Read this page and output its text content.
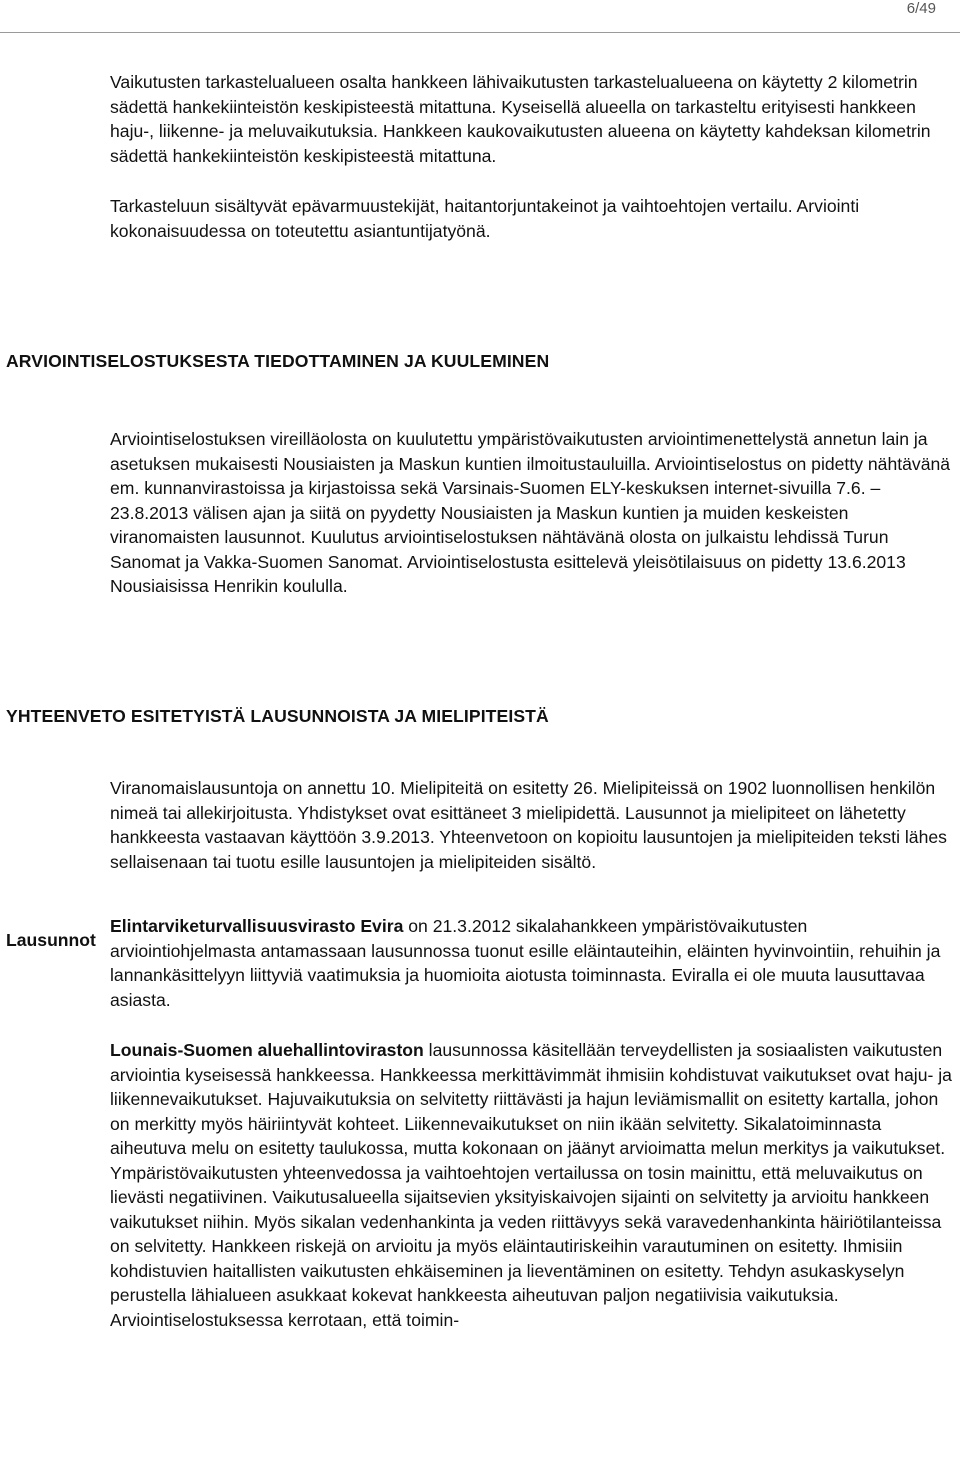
6/49

Vaikutusten tarkastelualueen osalta hankkeen lähivaikutusten tarkastelualueena on käytetty 2 kilometrin sädettä hankekiinteistön keskipisteestä mitattuna. Kyseisellä alueella on tarkasteltu erityisesti hankkeen haju-, liikenne- ja meluvaikutuksia. Hankkeen kaukovaikutusten alueena on käytetty kahdeksan kilometrin sädettä hankekiinteistön keskipisteestä mitattuna.

Tarkasteluun sisältyvät epävarmuustekijät, haitantorjuntakeinot ja vaihtoehtojen vertailu. Arviointi kokonaisuudessa on toteutettu asiantuntijatyönä.

ARVIOINTISELOSTUKSESTA TIEDOTTAMINEN JA KUULEMINEN

Arviointiselostuksen vireilläolosta on kuulutettu ympäristövaikutusten arviointimenettelystä annetun lain ja asetuksen mukaisesti Nousiaisten ja Maskun kuntien ilmoitustauluilla. Arviointiselostus on pidetty nähtävänä em. kunnanvirastoissa ja kirjastoissa sekä Varsinais-Suomen ELY-keskuksen internet-sivuilla 7.6. – 23.8.2013 välisen ajan ja siitä on pyydetty Nousiaisten ja Maskun kuntien ja muiden keskeisten viranomaisten lausunnot. Kuulutus arviointiselostuksen nähtävänä olosta on julkaistu lehdissä Turun Sanomat ja Vakka-Suomen Sanomat. Arviointiselostusta esittelevä yleisötilaisuus on pidetty 13.6.2013 Nousiaisissa Henrikin koululla.

YHTEENVETO ESITETYISTÄ LAUSUNNOISTA JA MIELIPITEISTÄ
Lausunnot

Viranomaislausuntoja on annettu 10. Mielipiteitä on esitetty 26. Mielipiteissä on 1902 luonnollisen henkilön nimeä tai allekirjoitusta. Yhdistykset ovat esittäneet 3 mielipidettä. Lausunnot ja mielipiteet on lähetetty hankkeesta vastaavan käyttöön 3.9.2013. Yhteenvetoon on kopioitu lausuntojen ja mielipiteiden teksti lähes sellaisenaan tai tuotu esille lausuntojen ja mielipiteiden sisältö.

Elintarviketurvallisuusvirasto Evira on 21.3.2012 sikalahankkeen ympäristövaikutusten arviointiohjelmasta antamassaan lausunnossa tuonut esille eläintauteihin, eläinten hyvinvointiin, rehuihin ja lannankäsittelyyn liittyviä vaatimuksia ja huomioita aiotusta toiminnasta. Eviralla ei ole muuta lausuttavaa asiasta.

Lounais-Suomen aluehallintoviraston lausunnossa käsitellään terveydellisten ja sosiaalisten vaikutusten arviointia kyseisessä hankkeessa. Hankkeessa merkittävimmät ihmisiin kohdistuvat vaikutukset ovat haju- ja liikennevaikutukset. Hajuvaikutuksia on selvitetty riittävästi ja hajun leviämismallit on esitetty kartalla, johon on merkitty myös häiriintyvät kohteet. Liikennevaikutukset on niin ikään selvitetty. Sikalatoiminnasta aiheutuva melu on esitetty taulukossa, mutta kokonaan on jäänyt arvioimatta melun merkitys ja vaikutukset. Ympäristövaikutusten yhteenvedossa ja vaihtoehtojen vertailussa on tosin mainittu, että meluvaikutus on lievästi negatiivinen. Vaikutusalueella sijaitsevien yksityiskaivojen sijainti on selvitetty ja arvioitu hankkeen vaikutukset niihin. Myös sikalan vedenhankinta ja veden riittävyys sekä varavedenhankinta häiriötilanteissa on selvitetty. Hankkeen riskejä on arvioitu ja myös eläintautiriskeihin varautuminen on esitetty. Ihmisiin kohdistuvien haitallisten vaikutusten ehkäiseminen ja lieventäminen on esitetty. Tehdyn asukaskyselyn perustella lähialueen asukkaat kokevat hankkeesta aiheutuvan paljon negatiivisia vaikutuksia. Arviointiselostuksessa kerrotaan, että toimin-
